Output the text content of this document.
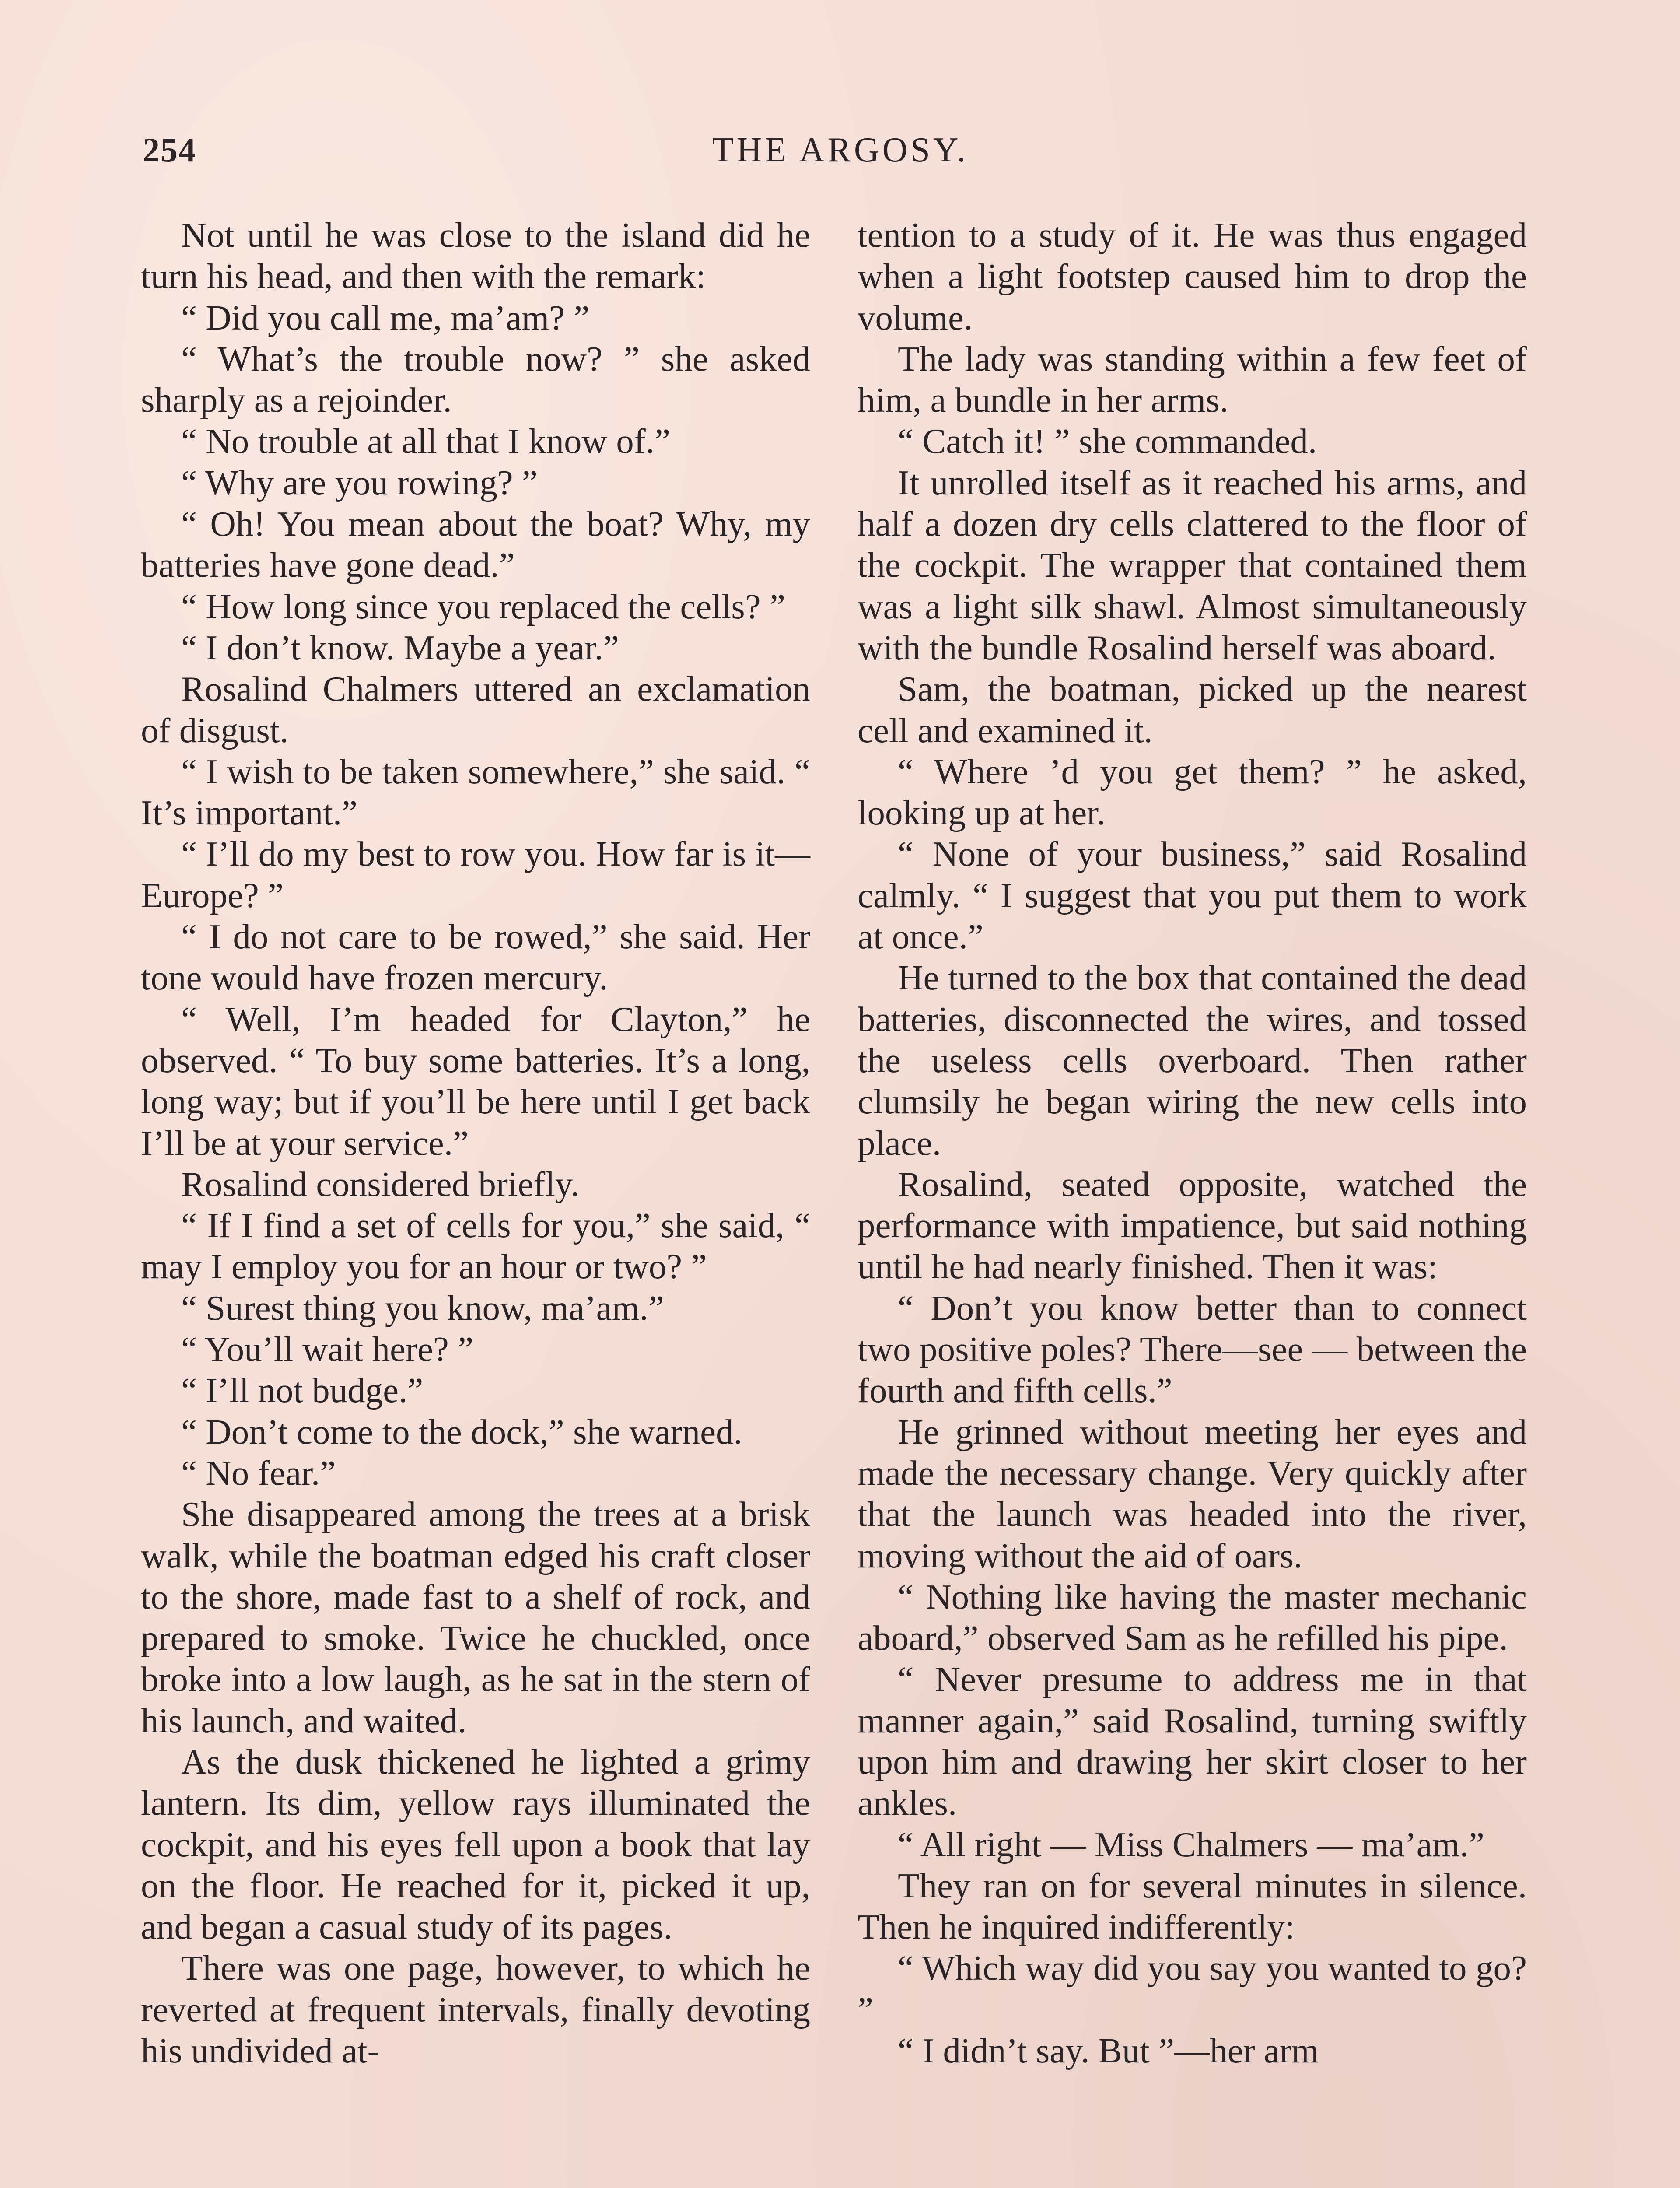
254	THE ARGOSY.

Not until he was close to the island did he turn his head, and then with the remark:

“ Did you call me, ma’am? ”

“ What’s the trouble now? ” she asked sharply as a rejoinder.

“ No trouble at all that I know of.”

“ Why are you rowing? ”

“ Oh! You mean about the boat? Why, my batteries have gone dead.”

“ How long since you replaced the cells? ”

“ I don’t know. Maybe a year.”

Rosalind Chalmers uttered an exclamation of disgust.

“ I wish to be taken somewhere,” she said. “ It’s important.”

“ I’ll do my best to row you. How far is it—Europe? ”

“ I do not care to be rowed,” she said. Her tone would have frozen mercury.

“ Well, I’m headed for Clayton,” he observed. “ To buy some batteries. It’s a long, long way; but if you’ll be here until I get back I’ll be at your service.”

Rosalind considered briefly.

“ If I find a set of cells for you,” she said, “ may I employ you for an hour or two? ”

“ Surest thing you know, ma’am.”

“ You’ll wait here? ”

“ I’ll not budge.”

“ Don’t come to the dock,” she warned.

“ No fear.”

She disappeared among the trees at a brisk walk, while the boatman edged his craft closer to the shore, made fast to a shelf of rock, and prepared to smoke. Twice he chuckled, once broke into a low laugh, as he sat in the stern of his launch, and waited.

As the dusk thickened he lighted a grimy lantern. Its dim, yellow rays illuminated the cockpit, and his eyes fell upon a book that lay on the floor. He reached for it, picked it up, and began a casual study of its pages.

There was one page, however, to which he reverted at frequent intervals, finally devoting his undivided at-

tention to a study of it. He was thus engaged when a light footstep caused him to drop the volume.

The lady was standing within a few feet of him, a bundle in her arms.

“ Catch it! ” she commanded.

It unrolled itself as it reached his arms, and half a dozen dry cells clattered to the floor of the cockpit. The wrapper that contained them was a light silk shawl. Almost simultaneously with the bundle Rosalind herself was aboard.

Sam, the boatman, picked up the nearest cell and examined it.

“ Where ’d you get them? ” he asked, looking up at her.

“ None of your business,” said Rosalind calmly. “ I suggest that you put them to work at once.”

He turned to the box that contained the dead batteries, disconnected the wires, and tossed the useless cells overboard. Then rather clumsily he began wiring the new cells into place.

Rosalind, seated opposite, watched the performance with impatience, but said nothing until he had nearly finished. Then it was:

“ Don’t you know better than to connect two positive poles? There—see — between the fourth and fifth cells.”

He grinned without meeting her eyes and made the necessary change. Very quickly after that the launch was headed into the river, moving without the aid of oars.

“ Nothing like having the master mechanic aboard,” observed Sam as he refilled his pipe.

“ Never presume to address me in that manner again,” said Rosalind, turning swiftly upon him and drawing her skirt closer to her ankles.

“ All right — Miss Chalmers — ma’am.”

They ran on for several minutes in silence. Then he inquired indifferently:

“ Which way did you say you wanted to go? ”

“ I didn’t say. But ”—her arm
